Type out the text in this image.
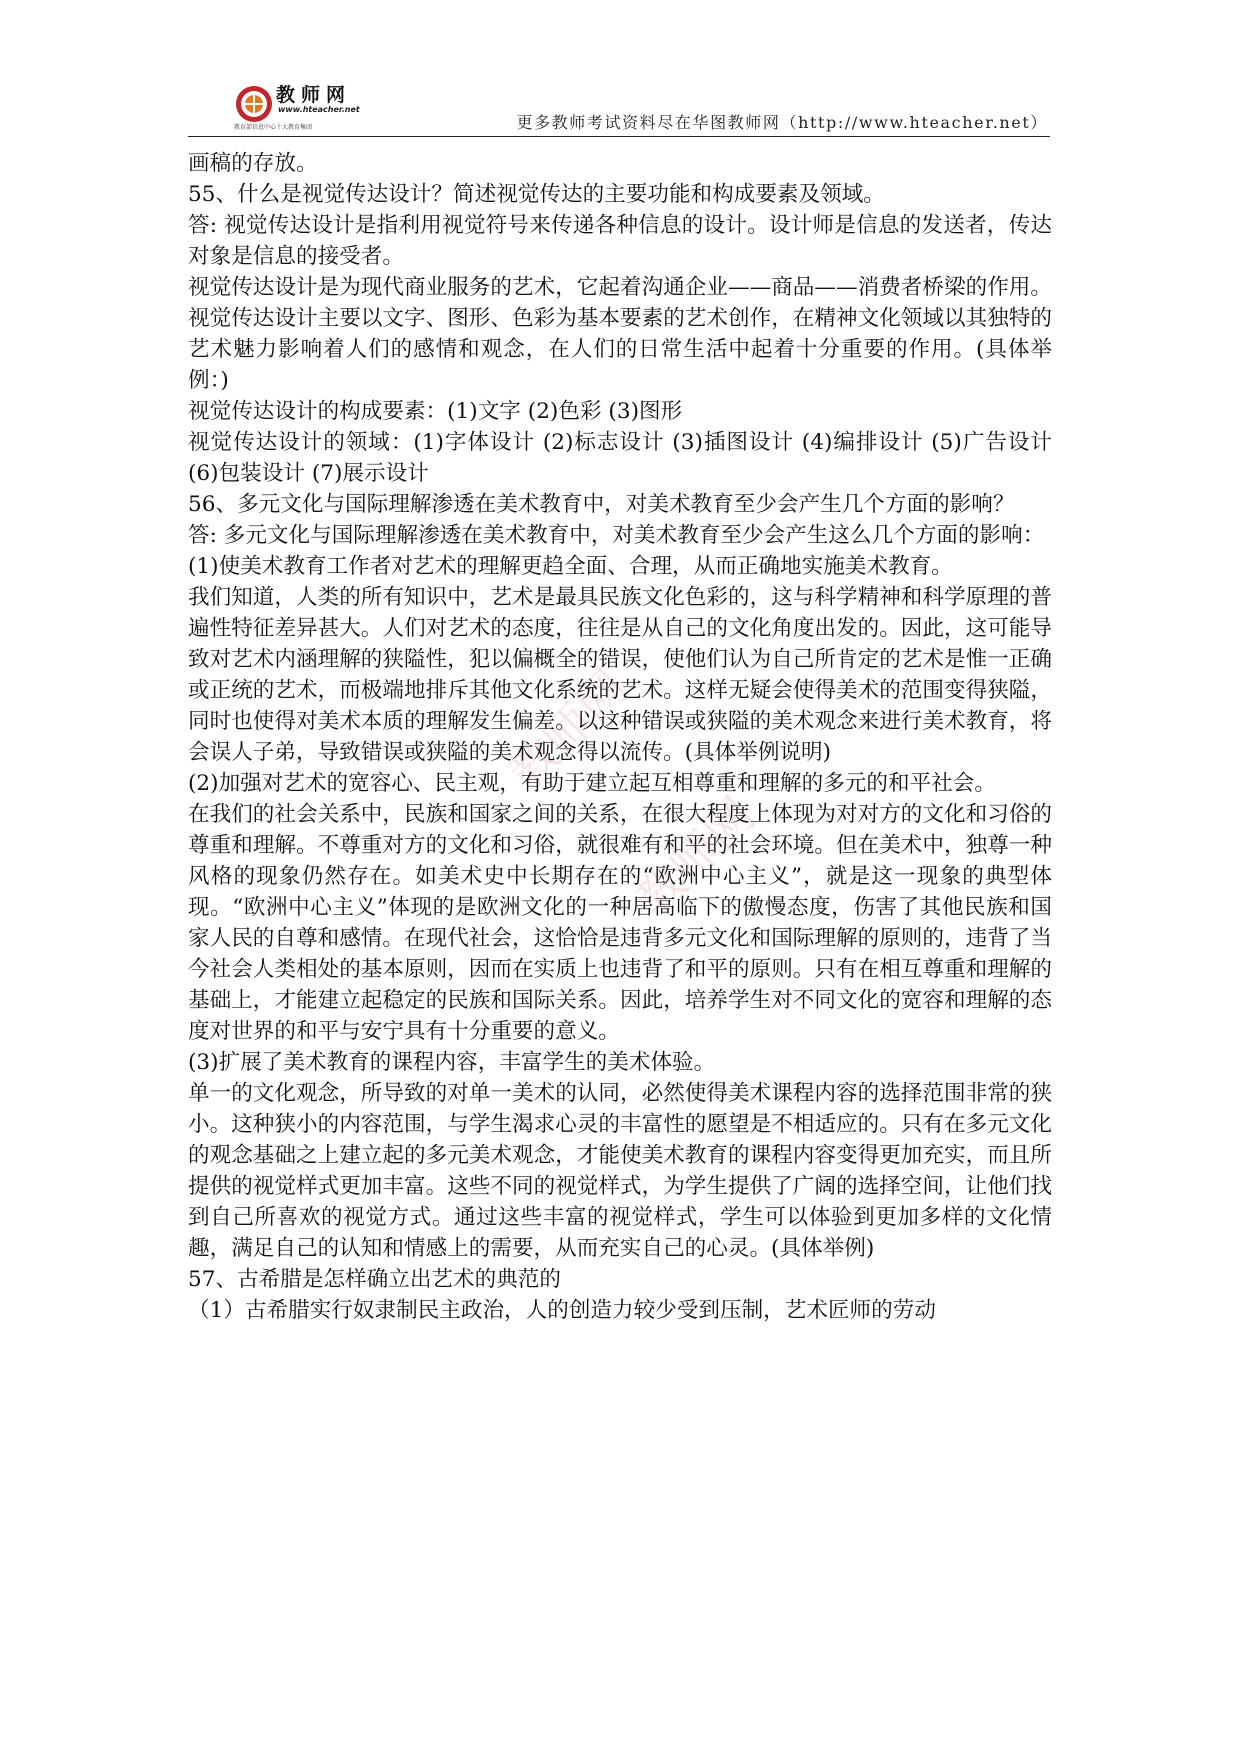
教师网
www.hteacher.net
教育部信息中心十大教育集团	更多教师考试资料尽在华图教师网（http://www.hteacher.net）
教师网
教师网

画稿的存放。

55、什么是视觉传达设计？简述视觉传达的主要功能和构成要素及领域。

答: 视觉传达设计是指利用视觉符号来传递各种信息的设计。设计师是信息的发送者，传达对象是信息的接受者。

视觉传达设计是为现代商业服务的艺术，它起着沟通企业——商品——消费者桥梁的作用。视觉传达设计主要以文字、图形、色彩为基本要素的艺术创作，在精神文化领域以其独特的艺术魅力影响着人们的感情和观念，在人们的日常生活中起着十分重要的作用。(具体举例：)

视觉传达设计的构成要素：(1)文字 (2)色彩 (3)图形

视觉传达设计的领域：(1)字体设计 (2)标志设计 (3)插图设计 (4)编排设计 (5)广告设计 (6)包装设计 (7)展示设计

56、多元文化与国际理解渗透在美术教育中，对美术教育至少会产生几个方面的影响？

答: 多元文化与国际理解渗透在美术教育中，对美术教育至少会产生这么几个方面的影响：

(1)使美术教育工作者对艺术的理解更趋全面、合理，从而正确地实施美术教育。

我们知道，人类的所有知识中，艺术是最具民族文化色彩的，这与科学精神和科学原理的普遍性特征差异甚大。人们对艺术的态度，往往是从自己的文化角度出发的。因此，这可能导致对艺术内涵理解的狭隘性，犯以偏概全的错误，使他们认为自己所肯定的艺术是惟一正确或正统的艺术，而极端地排斥其他文化系统的艺术。这样无疑会使得美术的范围变得狭隘，同时也使得对美术本质的理解发生偏差。以这种错误或狭隘的美术观念来进行美术教育，将会误人子弟，导致错误或狭隘的美术观念得以流传。(具体举例说明)

(2)加强对艺术的宽容心、民主观，有助于建立起互相尊重和理解的多元的和平社会。

在我们的社会关系中，民族和国家之间的关系，在很大程度上体现为对对方的文化和习俗的尊重和理解。不尊重对方的文化和习俗，就很难有和平的社会环境。但在美术中，独尊一种风格的现象仍然存在。如美术史中长期存在的“欧洲中心主义”，就是这一现象的典型体现。“欧洲中心主义”体现的是欧洲文化的一种居高临下的傲慢态度，伤害了其他民族和国家人民的自尊和感情。在现代社会，这恰恰是违背多元文化和国际理解的原则的，违背了当今社会人类相处的基本原则，因而在实质上也违背了和平的原则。只有在相互尊重和理解的基础上，才能建立起稳定的民族和国际关系。因此，培养学生对不同文化的宽容和理解的态度对世界的和平与安宁具有十分重要的意义。

(3)扩展了美术教育的课程内容，丰富学生的美术体验。

单一的文化观念，所导致的对单一美术的认同，必然使得美术课程内容的选择范围非常的狭小。这种狭小的内容范围，与学生渴求心灵的丰富性的愿望是不相适应的。只有在多元文化的观念基础之上建立起的多元美术观念，才能使美术教育的课程内容变得更加充实，而且所提供的视觉样式更加丰富。这些不同的视觉样式，为学生提供了广阔的选择空间，让他们找到自己所喜欢的视觉方式。通过这些丰富的视觉样式，学生可以体验到更加多样的文化情趣，满足自己的认知和情感上的需要，从而充实自己的心灵。(具体举例)

57、古希腊是怎样确立出艺术的典范的

（1）古希腊实行奴隶制民主政治，人的创造力较少受到压制，艺术匠师的劳动
